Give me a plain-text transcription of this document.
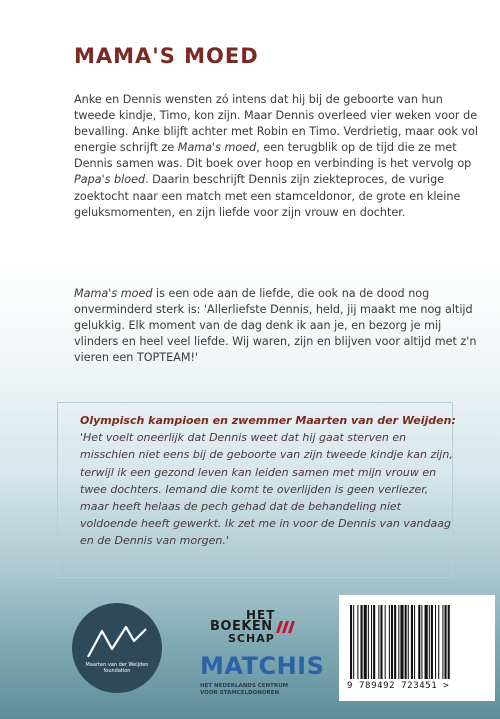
MAMA'S MOED
Anke en Dennis wensten zó intens dat hij bij de geboorte van hun tweede kindje, Timo, kon zijn. Maar Dennis overleed vier weken voor de bevalling. Anke blijft achter met Robin en Timo. Verdrietig, maar ook vol energie schrijft ze Mama's moed, een terugblik op de tijd die ze met Dennis samen was. Dit boek over hoop en verbinding is het vervolg op Papa's bloed. Daarin beschrijft Dennis zijn ziekteproces, de vurige zoektocht naar een match met een stamceldonor, de grote en kleine geluksmomenten, en zijn liefde voor zijn vrouw en dochter.
Mama's moed is een ode aan de liefde, die ook na de dood nog onverminderd sterk is: 'Allerliefste Dennis, held, jij maakt me nog altijd gelukkig. Elk moment van de dag denk ik aan je, en bezorg je mij vlinders en heel veel liefde. Wij waren, zijn en blijven voor altijd met z'n vieren een TOPTEAM!'
Olympisch kampioen en zwemmer Maarten van der Weijden:
'Het voelt oneerlijk dat Dennis weet dat hij gaat sterven en misschien niet eens bij de geboorte van zijn tweede kindje kan zijn, terwijl ik een gezond leven kan leiden samen met mijn vrouw en twee dochters. Iemand die komt te overlijden is geen verliezer, maar heeft helaas de pech gehad dat de behandeling niet voldoende heeft gewerkt. Ik zet me in voor de Dennis van vandaag en de Dennis van morgen.'
Maarten van der Weijden
foundation
HET
BOEKEN
SCHAP
MATCHIS
HET NEDERLANDS CENTRUM
VOOR STAMCELDONOREN
9 789492 723451 >
